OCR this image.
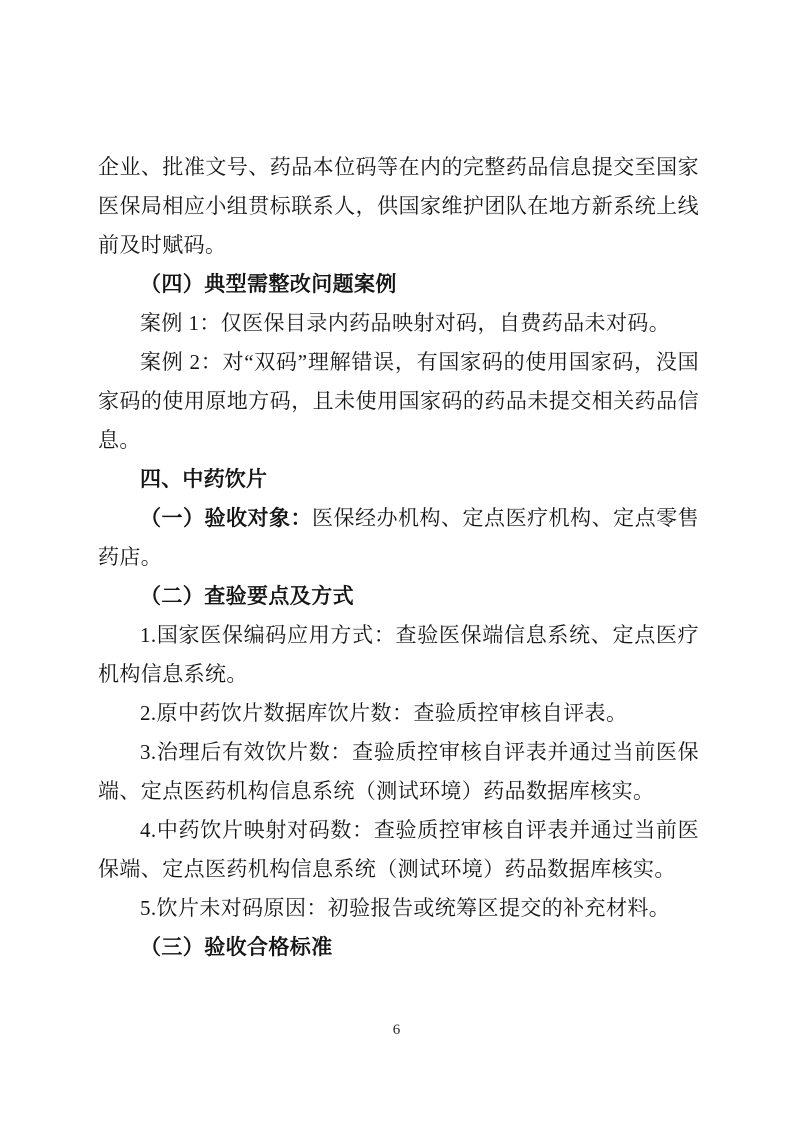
企业、批准文号、药品本位码等在内的完整药品信息提交至国家医保局相应小组贯标联系人，供国家维护团队在地方新系统上线前及时赋码。

（四）典型需整改问题案例

案例 1：仅医保目录内药品映射对码，自费药品未对码。

案例 2：对“双码”理解错误，有国家码的使用国家码，没国家码的使用原地方码，且未使用国家码的药品未提交相关药品信息。

四、中药饮片

（一）验收对象：医保经办机构、定点医疗机构、定点零售药店。

（二）查验要点及方式

1.国家医保编码应用方式：查验医保端信息系统、定点医疗机构信息系统。

2.原中药饮片数据库饮片数：查验质控审核自评表。

3.治理后有效饮片数：查验质控审核自评表并通过当前医保端、定点医药机构信息系统（测试环境）药品数据库核实。

4.中药饮片映射对码数：查验质控审核自评表并通过当前医保端、定点医药机构信息系统（测试环境）药品数据库核实。

5.饮片未对码原因：初验报告或统筹区提交的补充材料。

（三）验收合格标准

6
